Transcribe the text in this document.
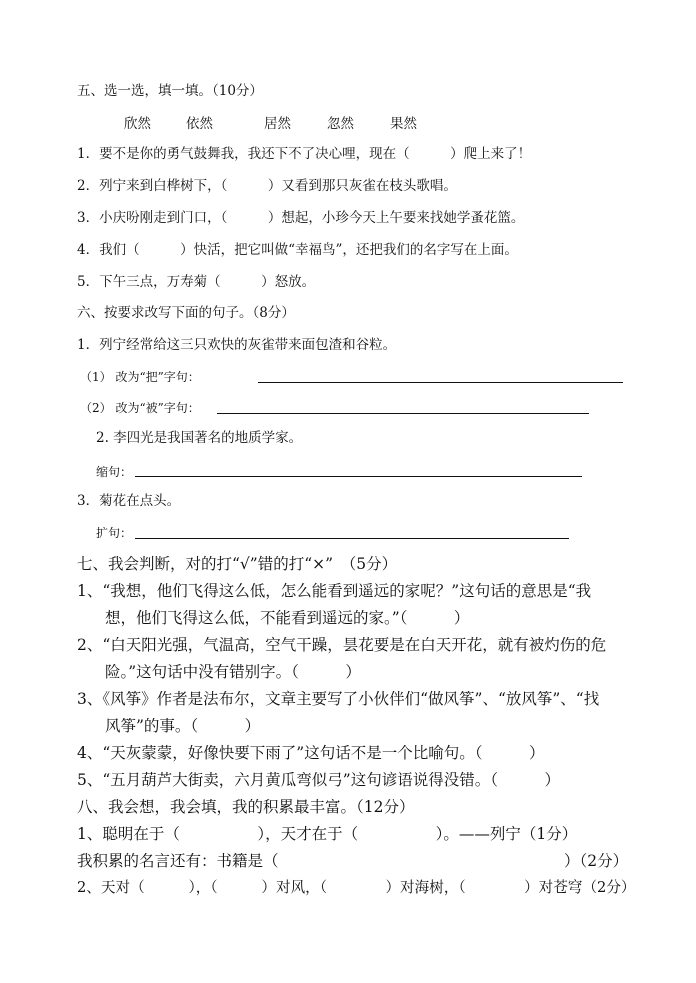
五、选一选，填一填。（10分）
欣然	依然	居然	忽然	果然
1．要不是你的勇气鼓舞我，我还下不了决心哩，现在（　　　）爬上来了！
2．列宁来到白桦树下，（　　　）又看到那只灰雀在枝头歌唱。
3．小庆吩刚走到门口，（　　　）想起，小珍今天上午要来找她学蚤花篮。
4．我们（　　　）快活，把它叫做“幸福鸟”，还把我们的名字写在上面。
5．下午三点，万寿菊（　　　）怒放。
六、按要求改写下面的句子。（8分）
1．列宁经常给这三只欢快的灰雀带来面包渣和谷粒。
（1） 改为“把”字句：
（2） 改为“被”字句：
2. 李四光是我国著名的地质学家。
缩句：
3．菊花在点头。
扩句：
七、我会判断，对的打“√”错的打“×”　（5分）
1、“我想，他们飞得这么低，怎么能看到遥远的家呢？”这句话的意思是“我
想，他们飞得这么低，不能看到遥远的家。”（　　　）
2、“白天阳光强，气温高，空气干躁，昙花要是在白天开花，就有被灼伤的危
险。”这句话中没有错别字。（　　　）
3、《风筝》作者是法布尔，文章主要写了小伙伴们“做风筝”、“放风筝”、“找
风筝”的事。（　　　）
4、“天灰蒙蒙，好像快要下雨了”这句话不是一个比喻句。（　　　）
5、“五月葫芦大街卖，六月黄瓜弯似弓”这句谚语说得没错。（　　　）
八、我会想，我会填，我的积累最丰富。（12分）
1、聪明在于（　　　　　），天才在于（　　　　　）。——列宁（1分）
我积累的名言还有：书籍是（	）（2分）
2、天对（　　　），（　　　）对风，（　　　　）对海树，（　　　　）对苍穹（2分）
